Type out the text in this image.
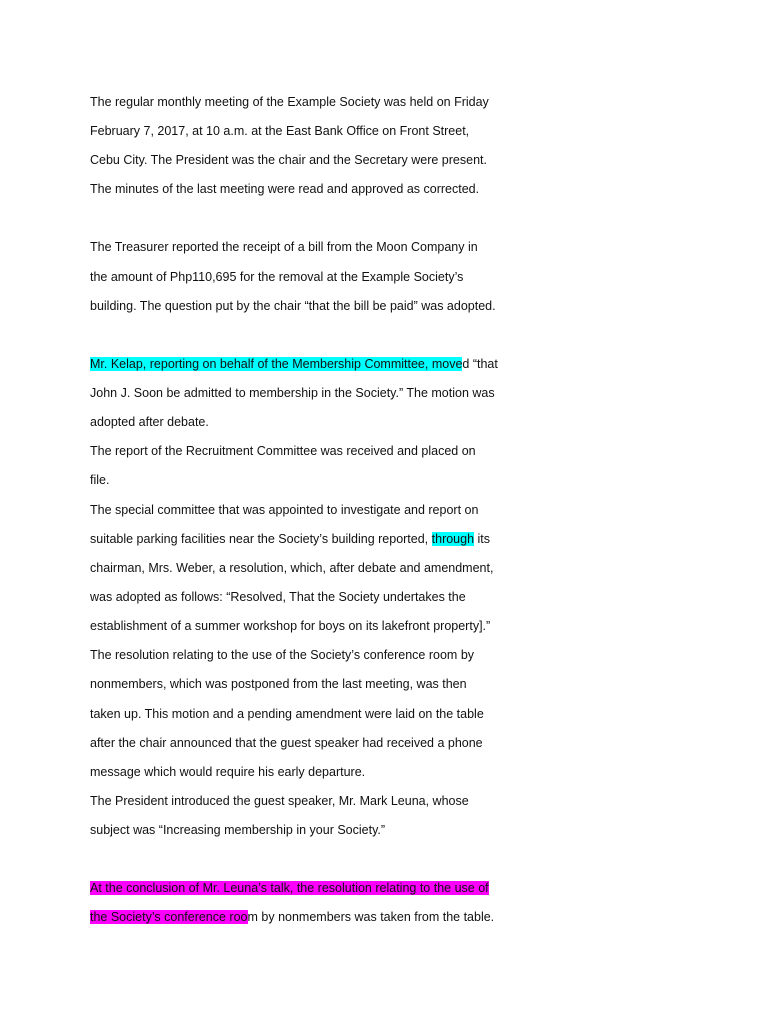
The regular monthly meeting of the Example Society was held on Friday
February 7, 2017, at 10 a.m. at the East Bank Office on Front Street,
Cebu City. The President was the chair and the Secretary were present.
The minutes of the last meeting were read and approved as corrected.
The Treasurer reported the receipt of a bill from the Moon Company in
the amount of Php110,695 for the removal at the Example Society’s
building. The question put by the chair “that the bill be paid” was adopted.
Mr. Kelap, reporting on behalf of the Membership Committee, moved “that
John J. Soon be admitted to membership in the Society.” The motion was
adopted after debate.
The report of the Recruitment Committee was received and placed on
file.
The special committee that was appointed to investigate and report on
suitable parking facilities near the Society’s building reported, through its
chairman, Mrs. Weber, a resolution, which, after debate and amendment,
was adopted as follows: “Resolved, That the Society undertakes the
establishment of a summer workshop for boys on its lakefront property].”
The resolution relating to the use of the Society’s conference room by
nonmembers, which was postponed from the last meeting, was then
taken up. This motion and a pending amendment were laid on the table
after the chair announced that the guest speaker had received a phone
message which would require his early departure.
The President introduced the guest speaker, Mr. Mark Leuna, whose
subject was “Increasing membership in your Society.”
At the conclusion of Mr. Leuna’s talk, the resolution relating to the use of
the Society’s conference room by nonmembers was taken from the table.
